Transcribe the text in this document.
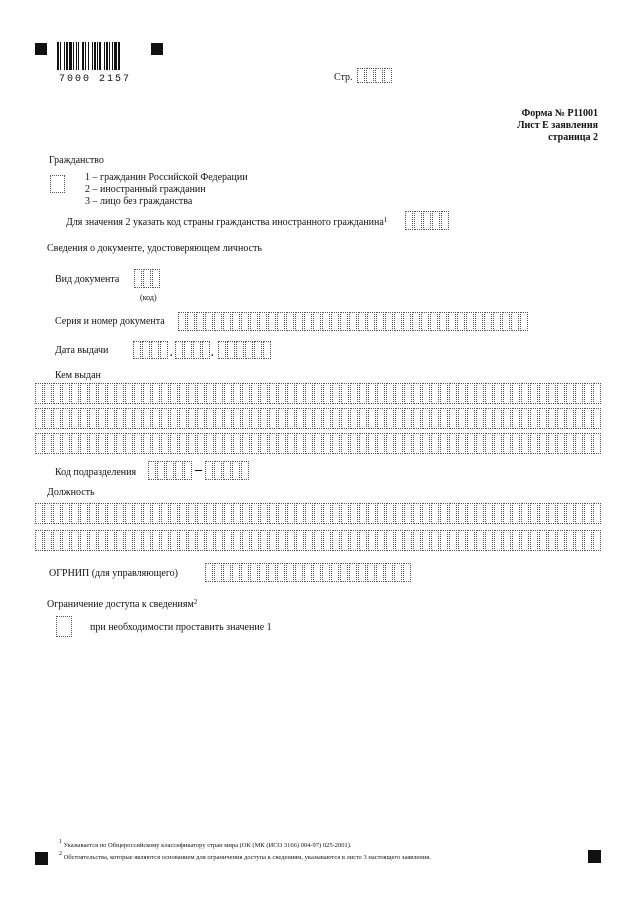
7000 2157	Стр.
Форма № Р11001
Лист Е заявления
страница 2
Гражданство
1 – гражданин Российской Федерации
2 – иностранный гражданин
3 – лицо без гражданства
Для значения 2 указать код страны гражданства иностранного гражданина$^1$
Сведения о документе, удостоверяющем личность
Вид документа
(код)
Серия и номер документа
Дата выдачи	.	.
Кем выдан
Код подразделения
Должность
ОГРНИП (для управляющего)
Ограничение доступа к сведениям$^2$
при необходимости проставить значение 1
1 Указывается по Общероссийскому классификатору стран мира (ОК (МК (ИСО 3166) 004-97) 025-2001).
2 Обстоятельства, которые являются основанием для ограничения доступа к сведениям, указываются в листе 3 настоящего заявления.
